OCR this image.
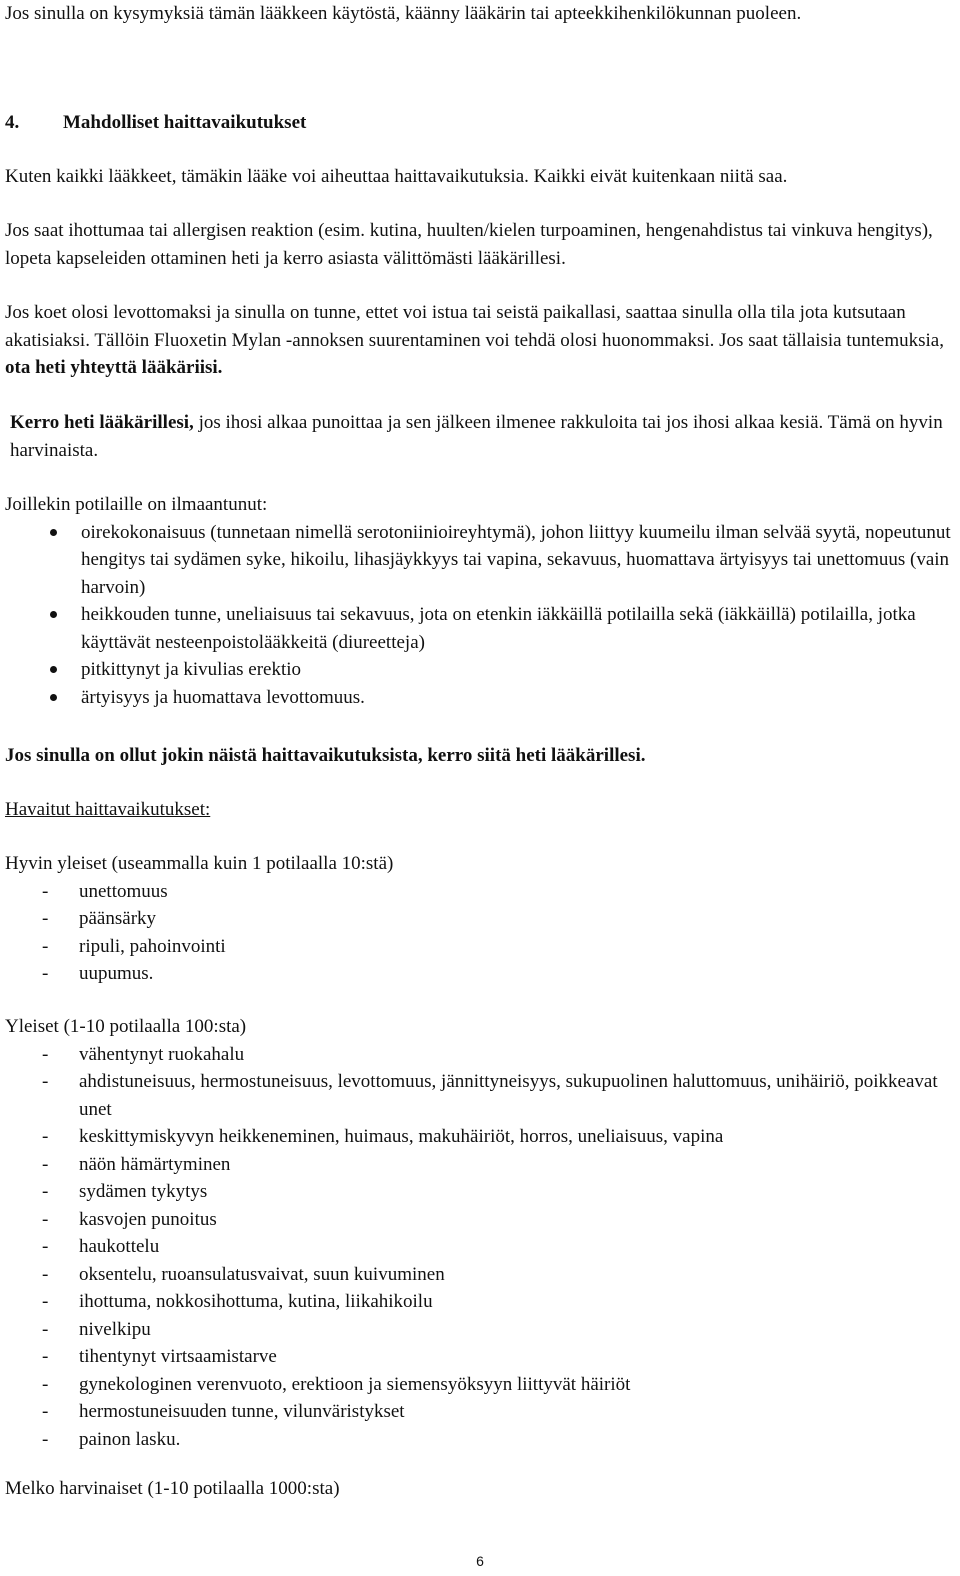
Jos sinulla on kysymyksiä tämän lääkkeen käytöstä, käänny lääkärin tai apteekkihenkilökunnan puoleen.

4. Mahdolliset haittavaikutukset

Kuten kaikki lääkkeet, tämäkin lääke voi aiheuttaa haittavaikutuksia. Kaikki eivät kuitenkaan niitä saa.

Jos saat ihottumaa tai allergisen reaktion (esim. kutina, huulten/kielen turpoaminen, hengenahdistus tai vinkuva hengitys), lopeta kapseleiden ottaminen heti ja kerro asiasta välittömästi lääkärillesi.

Jos koet olosi levottomaksi ja sinulla on tunne, ettet voi istua tai seistä paikallasi, saattaa sinulla olla tila jota kutsutaan akatisiaksi. Tällöin Fluoxetin Mylan -annoksen suurentaminen voi tehdä olosi huonommaksi. Jos saat tällaisia tuntemuksia, ota heti yhteyttä lääkäriisi.

Kerro heti lääkärillesi, jos ihosi alkaa punoittaa ja sen jälkeen ilmenee rakkuloita tai jos ihosi alkaa kesiä. Tämä on hyvin harvinaista.

Joillekin potilaille on ilmaantunut:

oirekokonaisuus (tunnetaan nimellä serotoniinioireyhtymä), johon liittyy kuumeilu ilman selvää syytä, nopeutunut hengitys tai sydämen syke, hikoilu, lihasjäykkyys tai vapina, sekavuus, huomattava ärtyisyys tai unettomuus (vain harvoin)
heikkouden tunne, uneliaisuus tai sekavuus, jota on etenkin iäkkäillä potilailla sekä (iäkkäillä) potilailla, jotka käyttävät nesteenpoistolääkkeitä (diureetteja)
pitkittynyt ja kivulias erektio
ärtyisyys ja huomattava levottomuus.

Jos sinulla on ollut jokin näistä haittavaikutuksista, kerro siitä heti lääkärillesi.

Havaitut haittavaikutukset:

Hyvin yleiset (useammalla kuin 1 potilaalla 10:stä)

- unettomuus
- päänsärky
- ripuli, pahoinvointi
- uupumus.

Yleiset (1-10 potilaalla 100:sta)

- vähentynyt ruokahalu
- ahdistuneisuus, hermostuneisuus, levottomuus, jännittyneisyys, sukupuolinen haluttomuus, unihäiriö, poikkeavat unet
- keskittymiskyvyn heikkeneminen, huimaus, makuhäiriöt, horros, uneliaisuus, vapina
- näön hämärtyminen
- sydämen tykytys
- kasvojen punoitus
- haukottelu
- oksentelu, ruoansulatusvaivat, suun kuivuminen
- ihottuma, nokkosihottuma, kutina, liikahikoilu
- nivelkipu
- tihentynyt virtsaamistarve
- gynekologinen verenvuoto, erektioon ja siemensyöksyyn liittyvät häiriöt
- hermostuneisuuden tunne, vilunväristykset
- painon lasku.

Melko harvinaiset (1-10 potilaalla 1000:sta)

6
